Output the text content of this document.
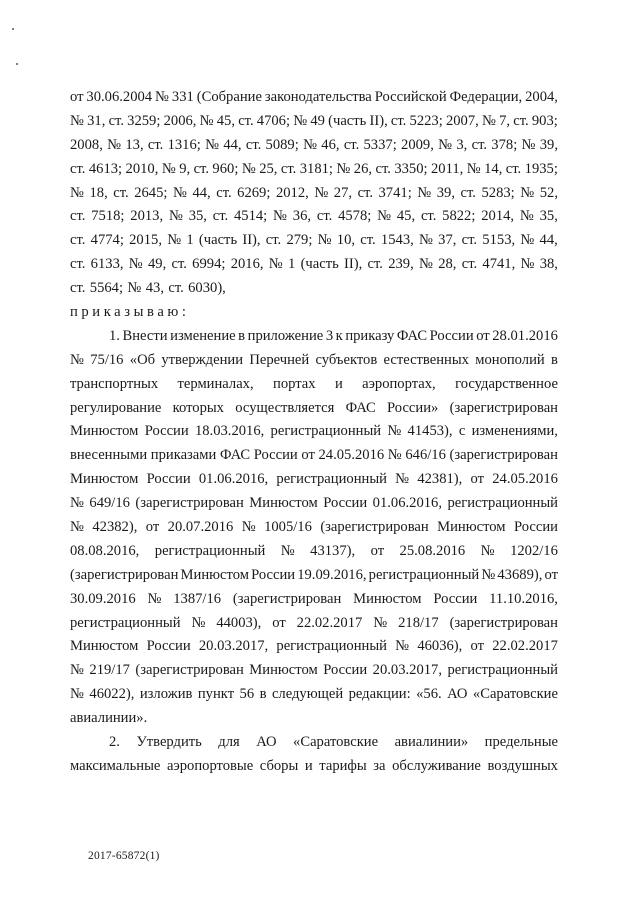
от 30.06.2004 № 331 (Собрание законодательства Российской Федерации, 2004,
№ 31, ст. 3259; 2006, № 45, ст. 4706; № 49 (часть II), ст. 5223; 2007, № 7, ст. 903;
2008, № 13, ст. 1316; № 44, ст. 5089; № 46, ст. 5337; 2009, № 3, ст. 378; № 39,
ст. 4613; 2010, № 9, ст. 960; № 25, ст. 3181; № 26, ст. 3350; 2011, № 14, ст. 1935;
№ 18, ст. 2645; № 44, ст. 6269; 2012, № 27, ст. 3741; № 39, ст. 5283; № 52,
ст. 7518; 2013, № 35, ст. 4514; № 36, ст. 4578; № 45, ст. 5822; 2014, № 35,
ст. 4774; 2015, № 1 (часть II), ст. 279; № 10, ст. 1543, № 37, ст. 5153, № 44,
ст. 6133, № 49, ст. 6994; 2016, № 1 (часть II), ст. 239, № 28, ст. 4741, № 38,
ст. 5564; № 43, ст. 6030),
приказываю:
1. Внести изменение в приложение 3 к приказу ФАС России от 28.01.2016
№ 75/16 «Об утверждении Перечней субъектов естественных монополий в
транспортных терминалах, портах и аэропортах, государственное
регулирование которых осуществляется ФАС России» (зарегистрирован
Минюстом России 18.03.2016, регистрационный № 41453), с изменениями,
внесенными приказами ФАС России от 24.05.2016 № 646/16 (зарегистрирован
Минюстом России 01.06.2016, регистрационный № 42381), от 24.05.2016
№ 649/16 (зарегистрирован Минюстом России 01.06.2016, регистрационный
№ 42382), от 20.07.2016 № 1005/16 (зарегистрирован Минюстом России
08.08.2016, регистрационный № 43137), от 25.08.2016 № 1202/16
(зарегистрирован Минюстом России 19.09.2016, регистрационный № 43689), от
30.09.2016 № 1387/16 (зарегистрирован Минюстом России 11.10.2016,
регистрационный № 44003), от 22.02.2017 № 218/17 (зарегистрирован
Минюстом России 20.03.2017, регистрационный № 46036), от 22.02.2017
№ 219/17 (зарегистрирован Минюстом России 20.03.2017, регистрационный
№ 46022), изложив пункт 56 в следующей редакции: «56. АО «Саратовские
авиалинии».
2. Утвердить для АО «Саратовские авиалинии» предельные
максимальные аэропортовые сборы и тарифы за обслуживание воздушных
2017-65872(1)
